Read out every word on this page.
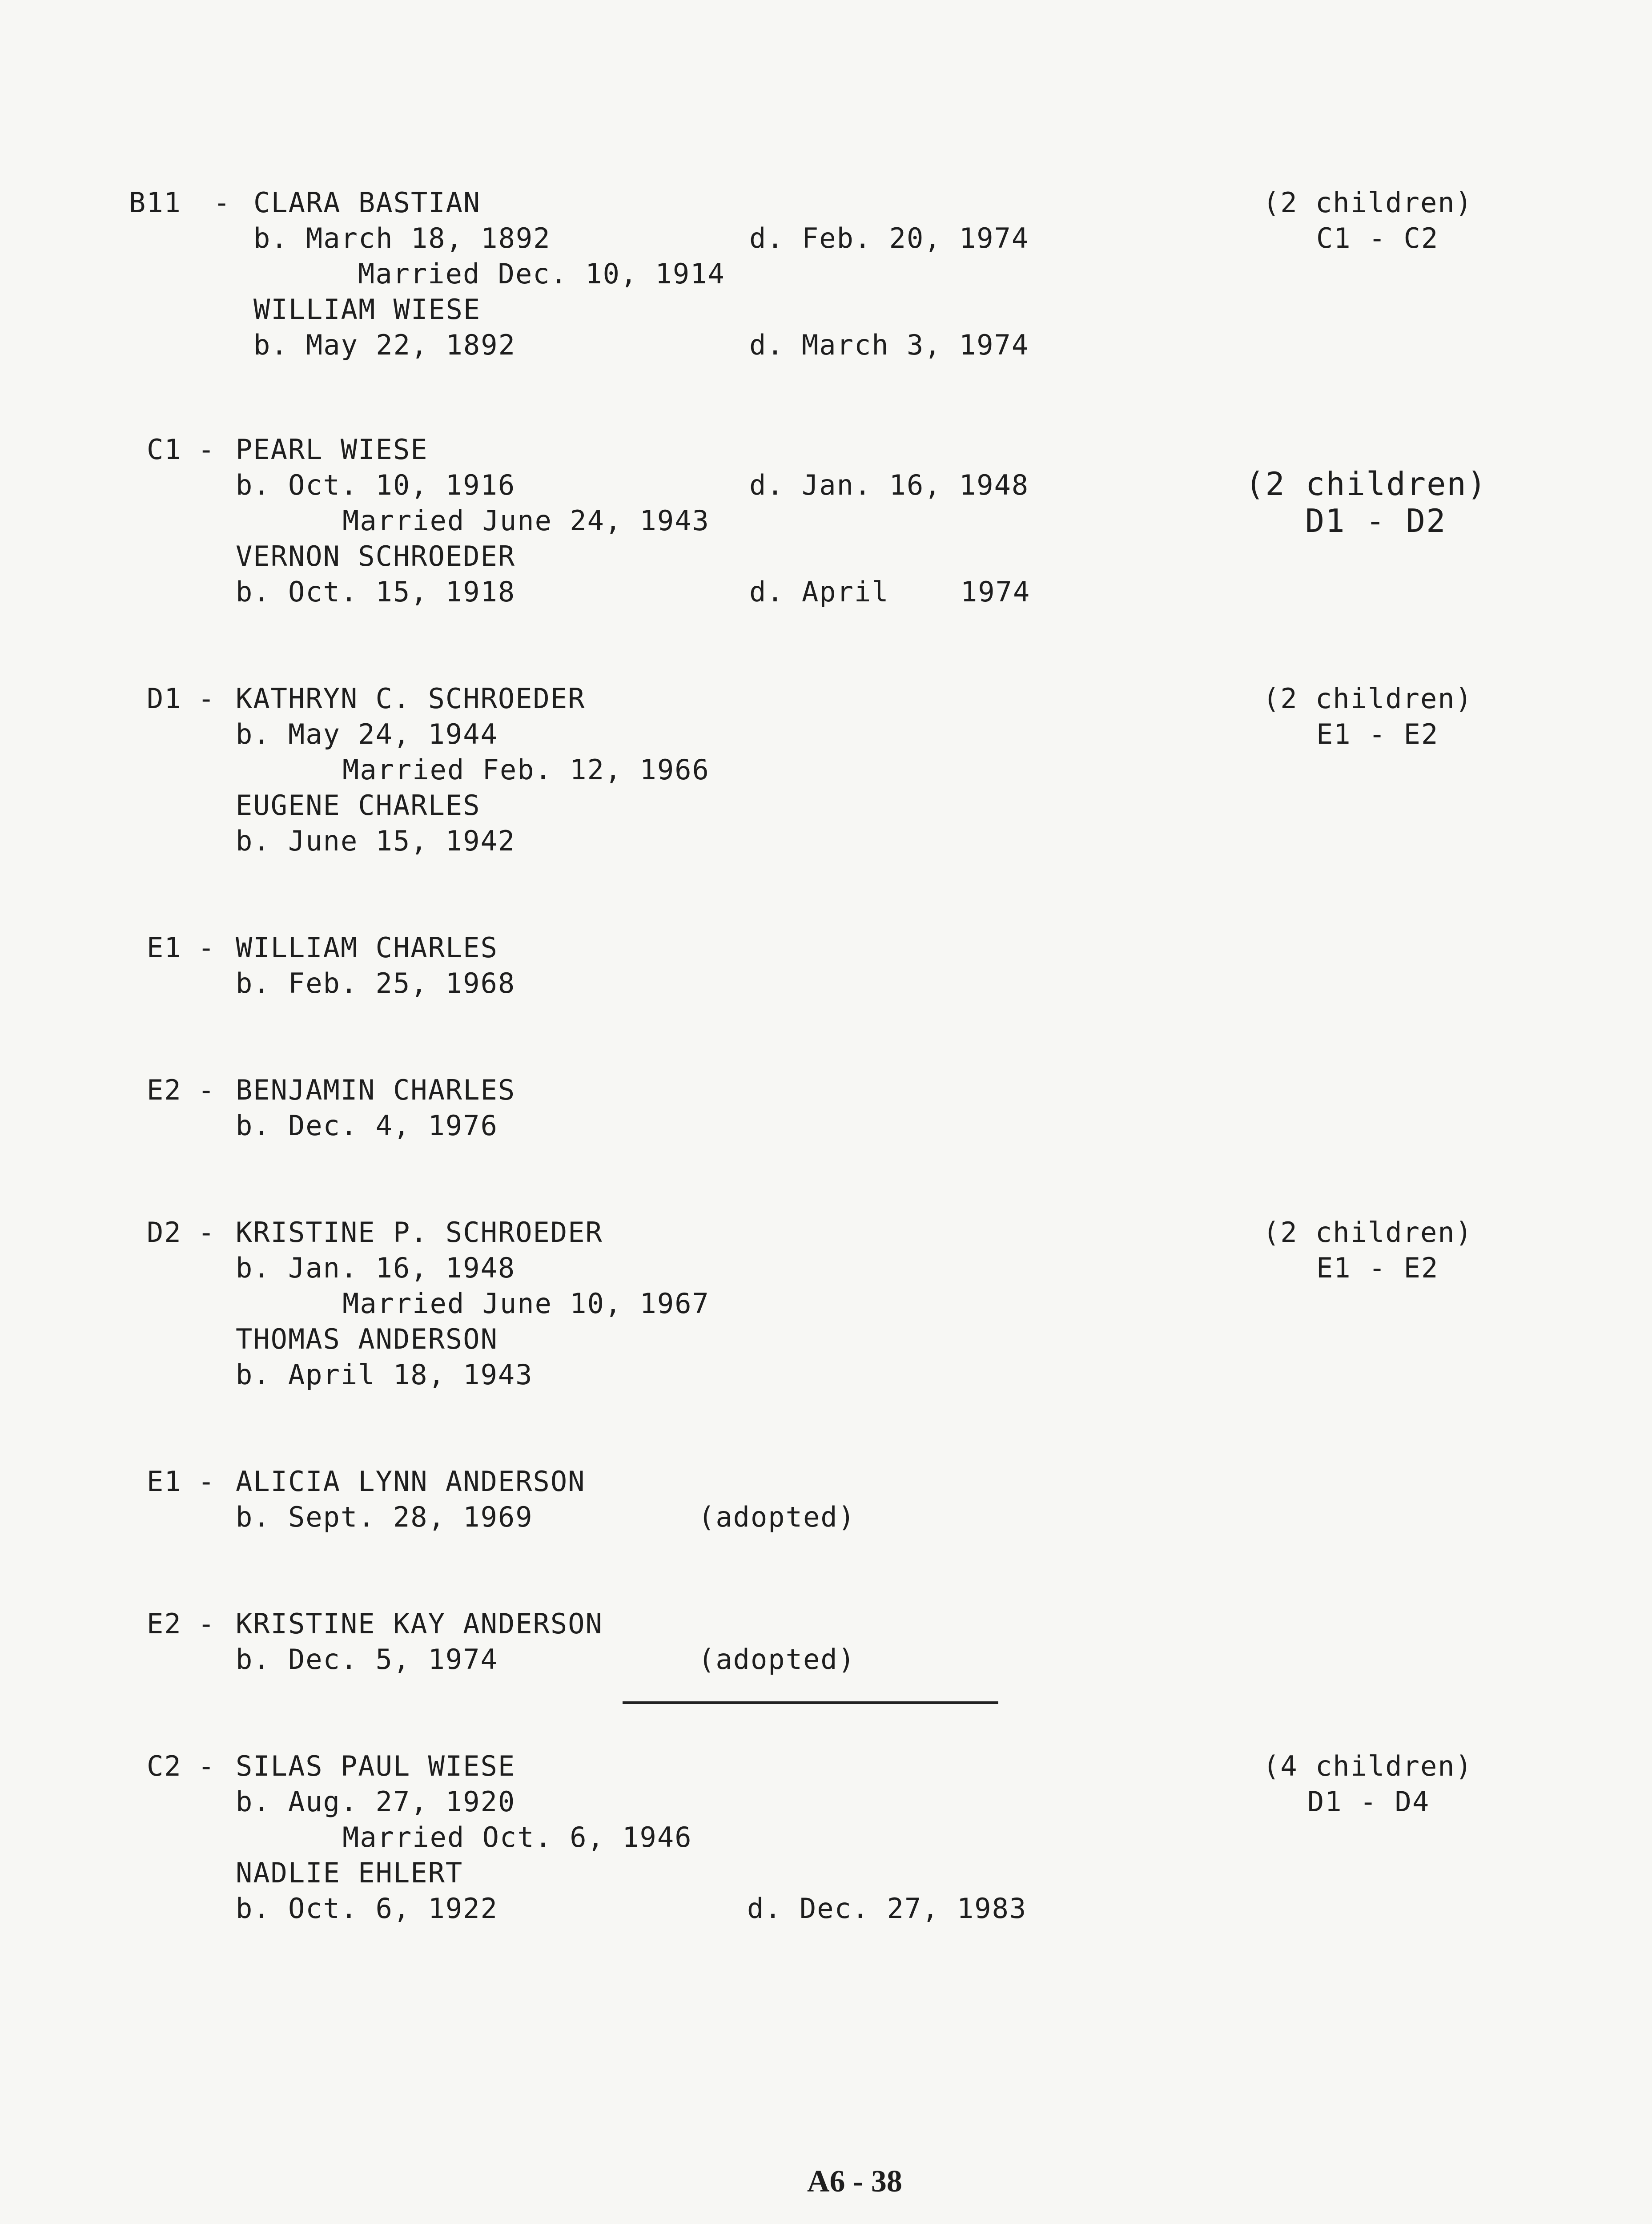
B11 - CLARA BASTIAN
b. March 18, 1892	d. Feb. 20, 1974
Married Dec. 10, 1914
WILLIAM WIESE
b. May 22, 1892	d. March 3, 1974
(2 children)
C1 - C2
C1 - PEARL WIESE
b. Oct. 10, 1916	d. Jan. 16, 1948
Married June 24, 1943
VERNON SCHROEDER
b. Oct. 15, 1918	d. April	1974
(2 children)
D1 - D2
D1 - KATHRYN C. SCHROEDER
b. May 24, 1944
Married Feb. 12, 1966
EUGENE CHARLES
b. June 15, 1942
(2 children)
E1 - E2
E1 - WILLIAM CHARLES
b. Feb. 25, 1968
E2 - BENJAMIN CHARLES
b. Dec. 4, 1976
D2 - KRISTINE P. SCHROEDER
b. Jan. 16, 1948
Married June 10, 1967
THOMAS ANDERSON
b. April 18, 1943
(2 children)
E1 - E2
E1 - ALICIA LYNN ANDERSON
b. Sept. 28, 1969	(adopted)
E2 - KRISTINE KAY ANDERSON
b. Dec. 5, 1974	(adopted)
C2 - SILAS PAUL WIESE
b. Aug. 27, 1920
Married Oct. 6, 1946
NADLIE EHLERT
b. Oct. 6, 1922	d. Dec. 27, 1983
(4 children)
D1 - D4
A6 - 38
